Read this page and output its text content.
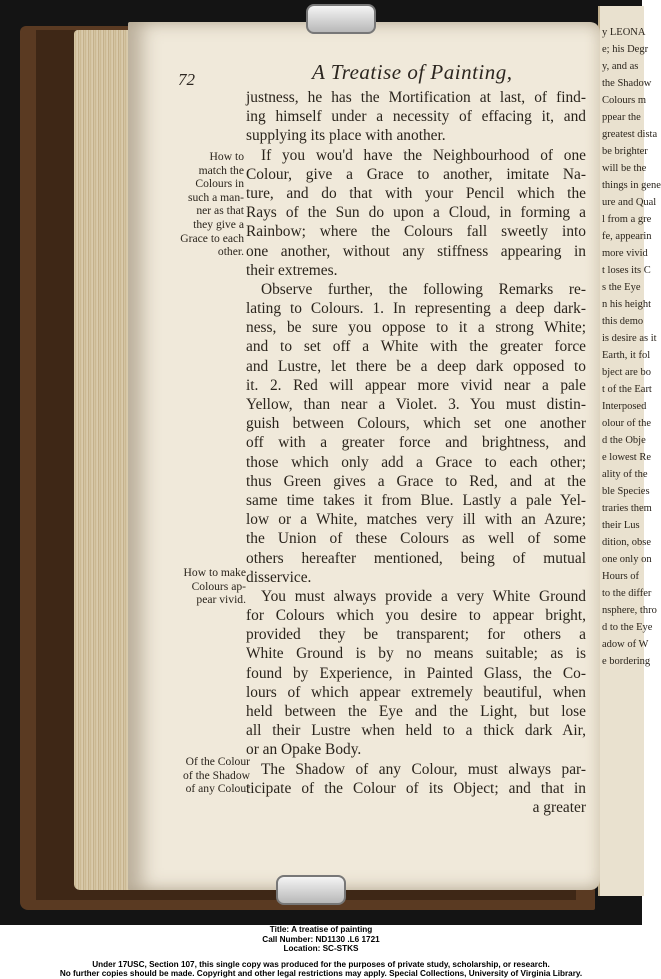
y LEONA
e; his Degr
y, and as
the Shadow
Colours m
ppear the
greatest dista
be brighter
will be the
things in gene
ure and Qual
l from a gre
fe, appearin
more vivid
t loses its C
s the Eye
n his height
this demo
is desire as it
Earth, it fol
bject are bo
t of the Eart
Interposed
olour of the
d the Obje
e lowest Re
ality of the
ble Species
traries them
their Lus
dition, obse
one only on
Hours of
to the differ
nsphere, thro
d to the Eye
adow of W
e bordering
72	A Treatise of Painting,
How to
match the
Colours in
such a man-
ner as that
they give a
Grace to each
other.
How to make
Colours ap-
pear vivid.
Of the Colour
of the Shadow
of any Colour
justness, he has the Mortification at last, of find-
ing himself under a necessity of effacing it, and
supplying its place with another.
If you wou'd have the Neighbourhood of one
Colour, give a Grace to another, imitate Na-
ture, and do that with your Pencil which the
Rays of the Sun do upon a Cloud, in forming a
Rainbow; where the Colours fall sweetly into
one another, without any stiffness appearing in
their extremes.
Observe further, the following Remarks re-
lating to Colours. 1. In representing a deep dark-
ness, be sure you oppose to it a strong White;
and to set off a White with the greater force
and Lustre, let there be a deep dark opposed to
it. 2. Red will appear more vivid near a pale
Yellow, than near a Violet. 3. You must distin-
guish between Colours, which set one another
off with a greater force and brightness, and
those which only add a Grace to each other;
thus Green gives a Grace to Red, and at the
same time takes it from Blue. Lastly a pale Yel-
low or a White, matches very ill with an Azure;
the Union of these Colours as well of some
others hereafter mentioned, being of mutual
disservice.
You must always provide a very White Ground
for Colours which you desire to appear bright,
provided they be transparent; for others a
White Ground is by no means suitable; as is
found by Experience, in Painted Glass, the Co-
lours of which appear extremely beautiful, when
held between the Eye and the Light, but lose
all their Lustre when held to a thick dark Air,
or an Opake Body.
The Shadow of any Colour, must always par-
ticipate of the Colour of its Object; and that in
a greater
Title: A treatise of painting
Call Number: ND1130 .L6 1721
Location: SC-STKS
Under 17USC, Section 107, this single copy was produced for the purposes of private study, scholarship, or research.
No further copies should be made. Copyright and other legal restrictions may apply. Special Collections, University of Virginia Library.
